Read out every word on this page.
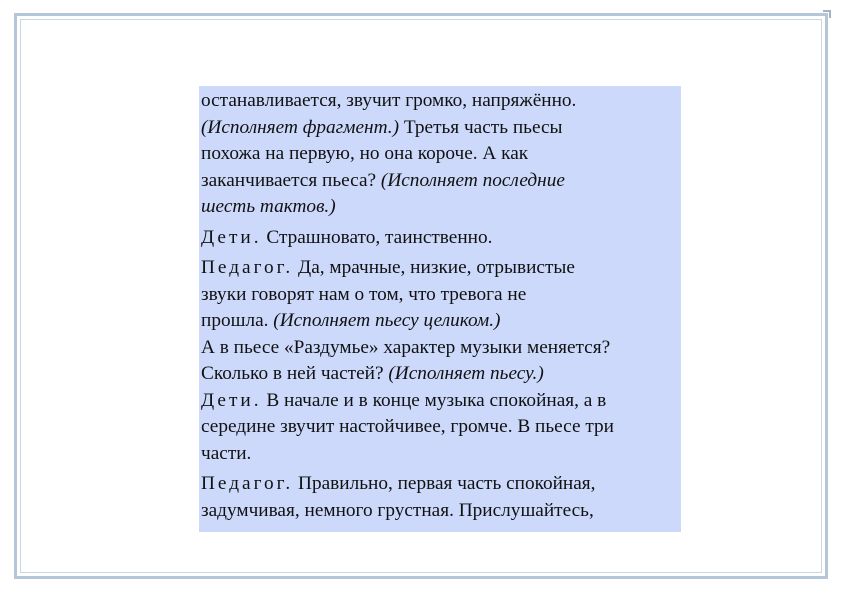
останавливается, звучит громко, напряжённо.
(Исполняет фрагмент.) Третья часть пьесы
похожа на первую, но она короче. А как
заканчивается пьеса? (Исполняет последние
шесть тактов.)
Дети. Страшновато, таинственно.
Педагог. Да, мрачные, низкие, отрывистые
звуки говорят нам о том, что тревога не
прошла. (Исполняет пьесу целиком.)
А в пьесе «Раздумье» характер музыки меняется?
Сколько в ней частей? (Исполняет пьесу.)
Дети. В начале и в конце музыка спокойная, а в
середине звучит настойчивее, громче. В пьесе три
части.
Педагог. Правильно, первая часть спокойная,
задумчивая, немного грустная. Прислушайтесь,
